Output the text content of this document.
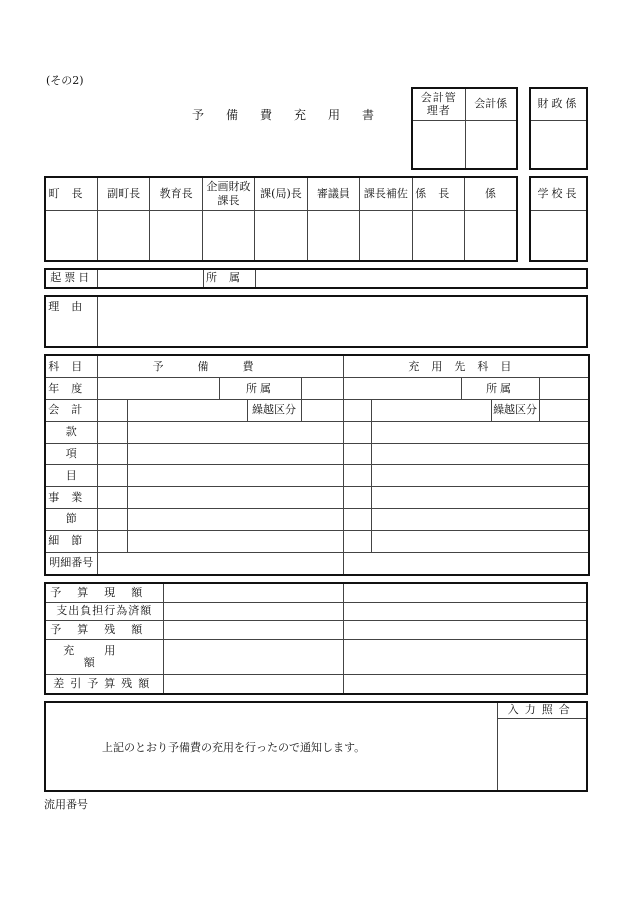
(その2)
予備費充用書
会計管理者	会計係
		財政係

町長	副町長	教育長	企画財政課長	課(局)長	審議員	課長補佐	係長	係
									学校長

起票日		所属	
理由	
科目	予備費					充用先科目				
年度			所属					所属		
会計				繰越区分					繰越区分	
款										
項										
目										
事業										
節										
細節										
明細番号										
予算現額		
支出負担行為済額		
予算残額		
充用額		
差引予算残額		
上記のとおり予備費の充用を行ったので通知します。	入力照合

流用番号
